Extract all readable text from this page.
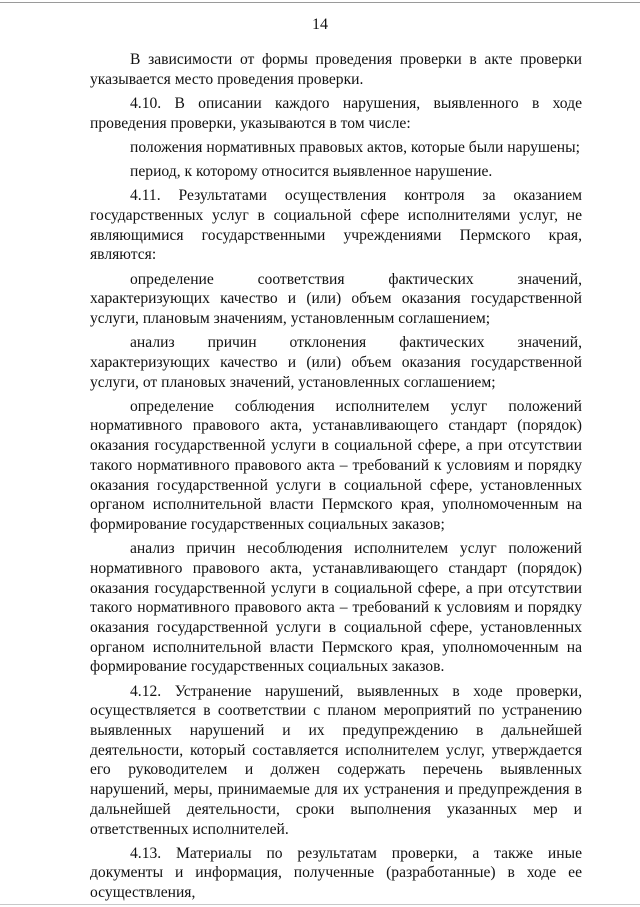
14

В зависимости от формы проведения проверки в акте проверки указывается место проведения проверки.

4.10. В описании каждого нарушения, выявленного в ходе проведения проверки, указываются в том числе:

положения нормативных правовых актов, которые были нарушены;

период, к которому относится выявленное нарушение.

4.11. Результатами осуществления контроля за оказанием государственных услуг в социальной сфере исполнителями услуг, не являющимися государственными учреждениями Пермского края, являются:

определение соответствия фактических значений, характеризующих качество и (или) объем оказания государственной услуги, плановым значениям, установленным соглашением;

анализ причин отклонения фактических значений, характеризующих качество и (или) объем оказания государственной услуги, от плановых значений, установленных соглашением;

определение соблюдения исполнителем услуг положений нормативного правового акта, устанавливающего стандарт (порядок) оказания государственной услуги в социальной сфере, а при отсутствии такого нормативного правового акта – требований к условиям и порядку оказания государственной услуги в социальной сфере, установленных органом исполнительной власти Пермского края, уполномоченным на формирование государственных социальных заказов;

анализ причин несоблюдения исполнителем услуг положений нормативного правового акта, устанавливающего стандарт (порядок) оказания государственной услуги в социальной сфере, а при отсутствии такого нормативного правового акта – требований к условиям и порядку оказания государственной услуги в социальной сфере, установленных органом исполнительной власти Пермского края, уполномоченным на формирование государственных социальных заказов.

4.12. Устранение нарушений, выявленных в ходе проверки, осуществляется в соответствии с планом мероприятий по устранению выявленных нарушений и их предупреждению в дальнейшей деятельности, который составляется исполнителем услуг, утверждается его руководителем и должен содержать перечень выявленных нарушений, меры, принимаемые для их устранения и предупреждения в дальнейшей деятельности, сроки выполнения указанных мер и ответственных исполнителей.

4.13. Материалы по результатам проверки, а также иные документы и информация, полученные (разработанные) в ходе ее осуществления,
